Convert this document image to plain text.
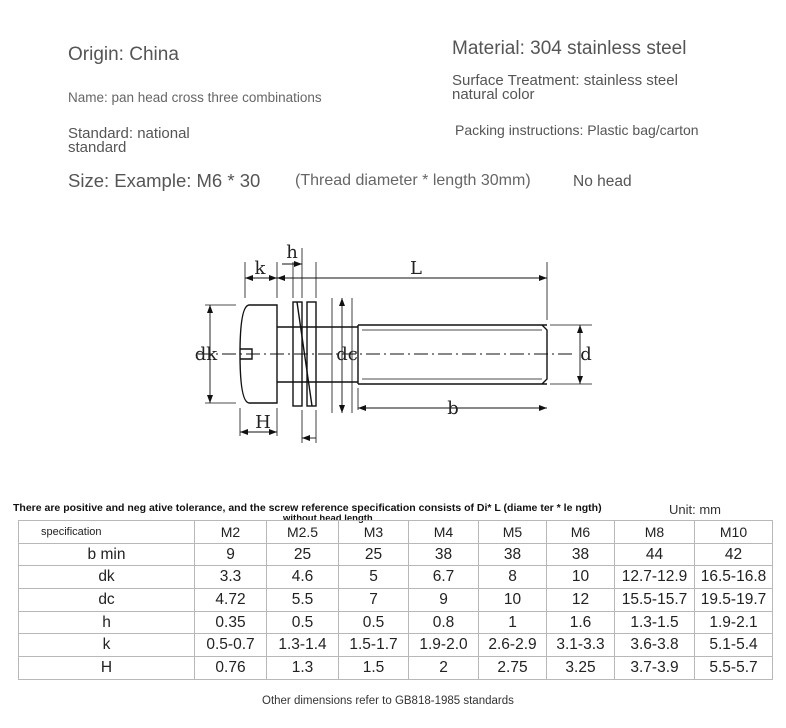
Origin: China	Material: 304 stainless steel
Name: pan head cross three combinations
Surface Treatment: stainless steel natural color
Standard: national standard
Packing instructions: Plastic bag/carton
Size: Example: M6 * 30 (Thread diameter * length 30mm)	No head
k
h
L
dk	dc	d
H
b
There are positive and neg ative tolerance, and the screw reference specification consists of Di* L (diame ter * le ngth)
without head length
Unit: mm
specification	M2	M2.5	M3	M4	M5	M6	M8	M10
b min	9	25	25	38	38	38	44	42
dk	3.3	4.6	5	6.7	8	10	12.7-12.9	16.5-16.8
dc	4.72	5.5	7	9	10	12	15.5-15.7	19.5-19.7
h	0.35	0.5	0.5	0.8	1	1.6	1.3-1.5	1.9-2.1
k	0.5-0.7	1.3-1.4	1.5-1.7	1.9-2.0	2.6-2.9	3.1-3.3	3.6-3.8	5.1-5.4
H	0.76	1.3	1.5	2	2.75	3.25	3.7-3.9	5.5-5.7
Other dimensions refer to GB818-1985 standards
